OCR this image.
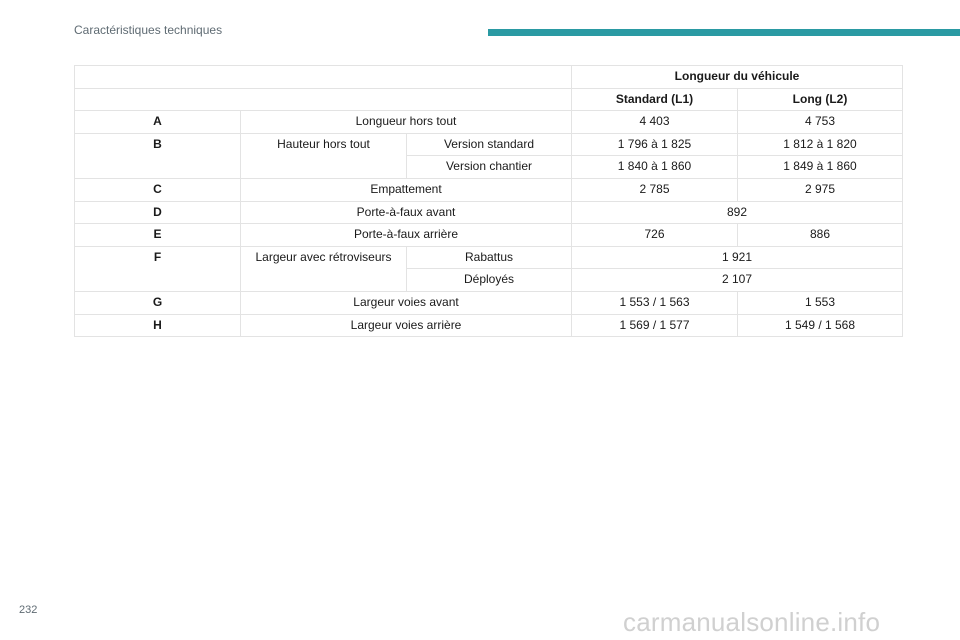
Caractéristiques techniques
			Longueur du véhicule	
			Standard (L1)	Long (L2)
A	Longueur hors tout		4 403	4 753
B	Hauteur hors tout	Version standard	1 796 à 1 825	1 812 à 1 820
		Version chantier	1 840 à 1 860	1 849 à 1 860
C	Empattement		2 785	2 975
D	Porte-à-faux avant		892	
E	Porte-à-faux arrière		726	886
F	Largeur avec rétroviseurs	Rabattus	1 921	
		Déployés	2 107	
G	Largeur voies avant		1 553 / 1 563	1 553
H	Largeur voies arrière		1 569 / 1 577	1 549 / 1 568
232	carmanualsonline.info
